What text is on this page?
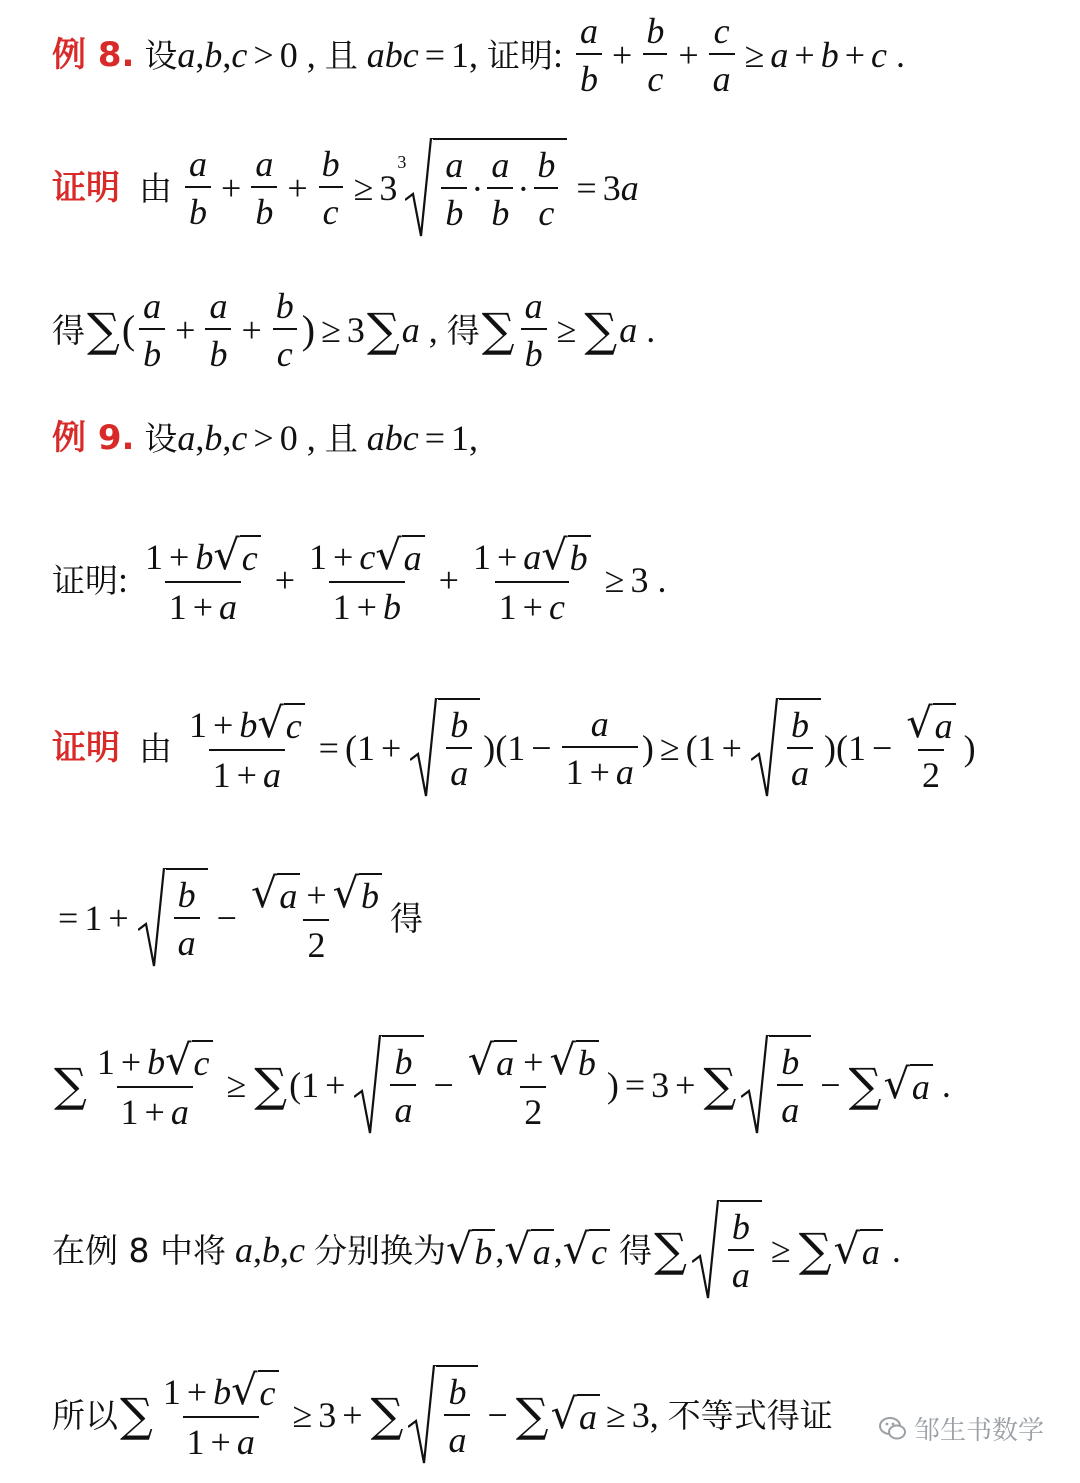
例 8. 设 a , b , c > 0 , 且
abc = 1, 证明 : $\frac{a}{b} + \frac{b}{c} + \frac{c}{a} \ge a + b + c$ .
证明
由
$\frac{a}{b} + \frac{a}{b} + \frac{b}{c} \ge 3$
$3 \frac{a}{b} \cdot \frac{a}{b} \cdot \frac{b}{c} = 3$ a
得 ∑ ( $\frac{a}{b} + \frac{a}{b} + \frac{b}{c}$ ) ≥ 3 ∑ a , 得 ∑ $\frac{a}{b}$ ≥ ∑ a .
例 9. 设 a , b , c > 0 , 且
abc = 1,
证明 : $\frac{1 + b √ c}{1 + a} + \frac{1 + c √ a}{1 + b} + \frac{1 + a √ b}{1 + c} \ge 3$ .
证明
由
$\frac{1 + b √ c}{1 + a} = (1 + \frac{b}{a} )(1 - \frac{a}{1 + a}$ ) ≥ $(1 + \frac{b}{a} )(1 - \frac{√ a}{2}$ )
= $1 + \frac{b}{a} - \frac{√ a + √ b}{2}$ 得
∑ $\frac{1 + b √ c}{1 + a}$ ≥ ∑ ($1 + \frac{b}{a} - \frac{√ a + √ b}{2}$ ) = 3 + ∑ $\frac{b}{a}$ − ∑ √ a .
在例 8 中将
a , b , c
分别换为 √ b , √ a , √ c
得 ∑ $\frac{b}{a}$ ≥ ∑ √ a .
所以 ∑ $\frac{1 + b √ c}{1 + a} \ge 3$ + ∑ $\frac{b}{a}$ − ∑ √ a ≥ 3, 不等式得证	邹生书数学
